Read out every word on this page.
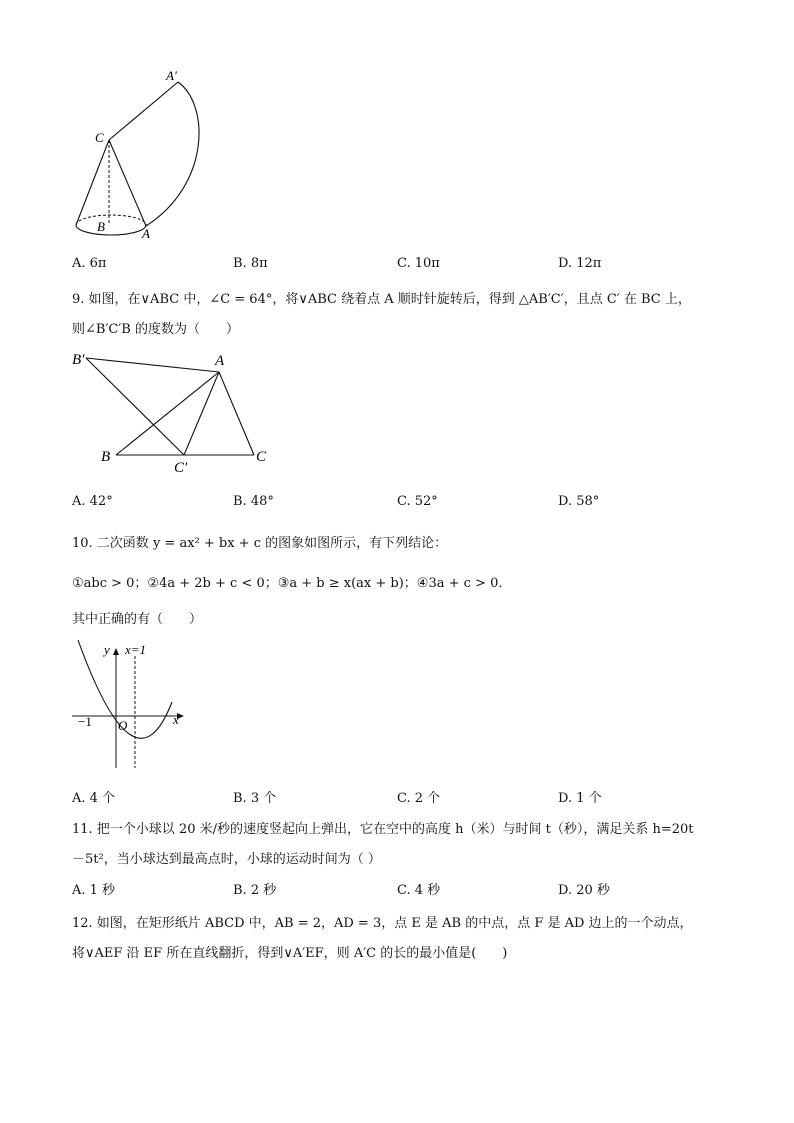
A′
C
B	A
A. 6π	B. 8π	C. 10π	D. 12π
9. 如图，在∨ABC 中，∠C = 64°，将∨ABC 绕着点 A 顺时针旋转后，得到 △AB′C′，且点 C′ 在 BC 上，
则∠B′C′B 的度数为（　　）
B′	A
B
C′
C
A. 42°	B. 48°	C. 52°	D. 58°
10. 二次函数 y = ax² + bx + c 的图象如图所示，有下列结论：
①abc > 0；②4a + 2b + c < 0；③a + b ≥ x(ax + b)；④3a + c > 0．
其中正确的有（　　）
y x=1
−1 O	x
A. 4 个	B. 3 个	C. 2 个	D. 1 个
11. 把一个小球以 20 米/秒的速度竖起向上弹出，它在空中的高度 h（米）与时间 t（秒），满足关系 h=20t
－5t²，当小球达到最高点时，小球的运动时间为（ ）
A. 1 秒	B. 2 秒	C. 4 秒	D. 20 秒
12. 如图，在矩形纸片 ABCD 中，AB = 2，AD = 3，点 E 是 AB 的中点，点 F 是 AD 边上的一个动点，
将∨AEF 沿 EF 所在直线翻折，得到∨A′EF，则 A′C 的长的最小值是(　　)
